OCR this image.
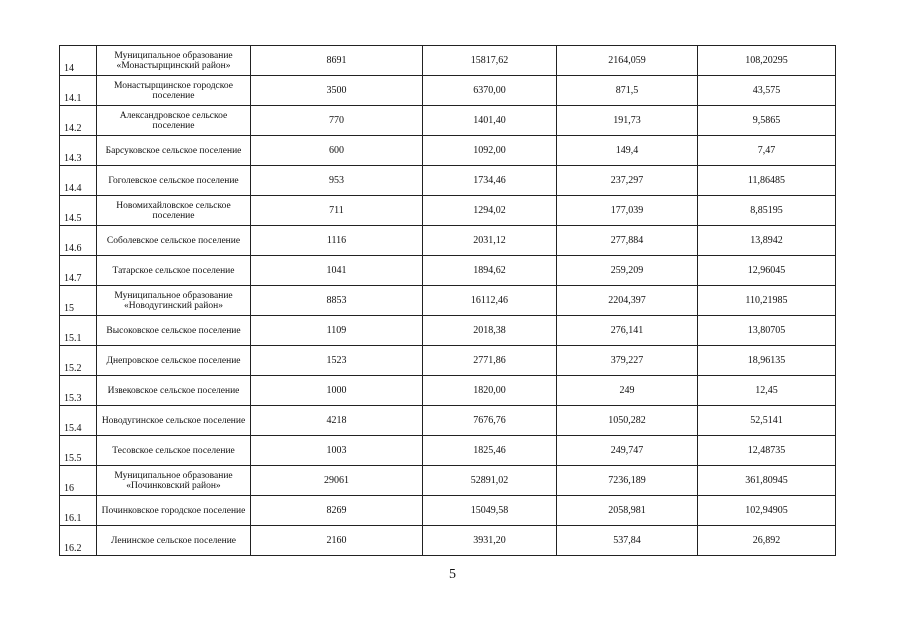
14	Муниципальное образование «Монастырщинский район»	8691	15817,62	2164,059	108,20295
14.1	Монастырщинское городское поселение	3500	6370,00	871,5	43,575
14.2	Александровское сельское поселение	770	1401,40	191,73	9,5865
14.3	Барсуковское сельское поселение	600	1092,00	149,4	7,47
14.4	Гоголевское сельское поселение	953	1734,46	237,297	11,86485
14.5	Новомихайловское сельское поселение	711	1294,02	177,039	8,85195
14.6	Соболевское сельское поселение	1116	2031,12	277,884	13,8942
14.7	Татарское сельское поселение	1041	1894,62	259,209	12,96045
15	Муниципальное образование «Новодугинский район»	8853	16112,46	2204,397	110,21985
15.1	Высоковское сельское поселение	1109	2018,38	276,141	13,80705
15.2	Днепровское сельское поселение	1523	2771,86	379,227	18,96135
15.3	Извековское сельское поселение	1000	1820,00	249	12,45
15.4	Новодугинское сельское поселение	4218	7676,76	1050,282	52,5141
15.5	Тесовское сельское поселение	1003	1825,46	249,747	12,48735
16	Муниципальное образование «Починковский район»	29061	52891,02	7236,189	361,80945
16.1	Починковское городское поселение	8269	15049,58	2058,981	102,94905
16.2	Ленинское сельское поселение	2160	3931,20	537,84	26,892
5
